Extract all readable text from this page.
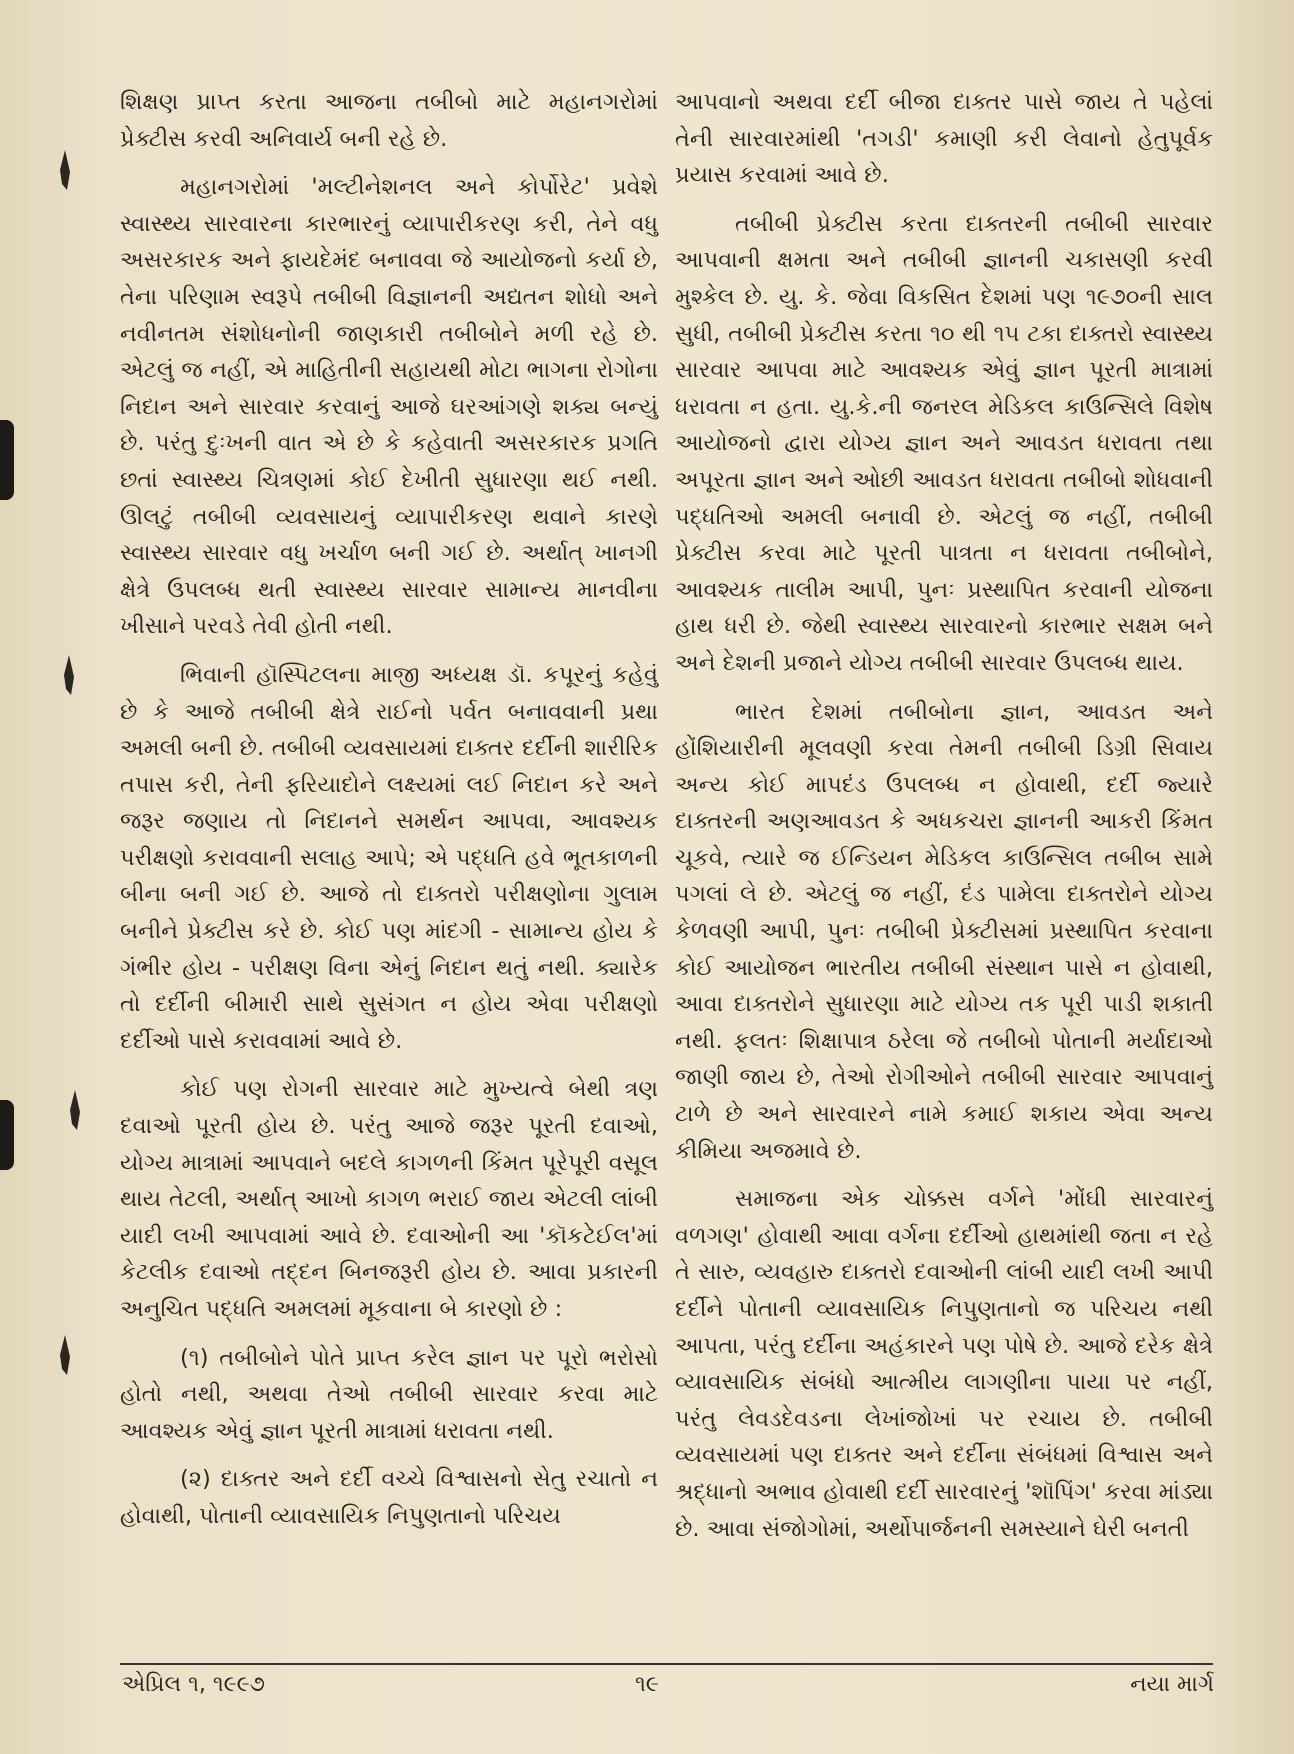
શિક્ષણ પ્રાપ્ત કરતા આજના તબીબો માટે મહાનગરોમાં પ્રેક્ટીસ કરવી અનિવાર્ય બની રહે છે.

મહાનગરોમાં 'મલ્ટીનેશનલ અને કોર્પોરેટ' પ્રવેશે સ્વાસ્થ્ય સારવારના કારભારનું વ્યાપારીકરણ કરી, તેને વધુ અસરકારક અને ફાયદેમંદ બનાવવા જે આયોજનો કર્યા છે, તેના પરિણામ સ્વરૂપે તબીબી વિજ્ઞાનની અદ્યતન શોધો અને નવીનતમ સંશોધનોની જાણકારી તબીબોને મળી રહે છે. એટલું જ નહીં, એ માહિતીની સહાયથી મોટા ભાગના રોગોના નિદાન અને સારવાર કરવાનું આજે ઘરઆંગણે શક્ય બન્યું છે. પરંતુ દુઃખની વાત એ છે કે કહેવાતી અસરકારક પ્રગતિ છતાં સ્વાસ્થ્ય ચિત્રણમાં કોઈ દેખીતી સુધારણા થઈ નથી. ઊલટું તબીબી વ્યવસાયનું વ્યાપારીકરણ થવાને કારણે સ્વાસ્થ્ય સારવાર વધુ ખર્ચાળ બની ગઈ છે. અર્થાત્ ખાનગી ક્ષેત્રે ઉપલબ્ધ થતી સ્વાસ્થ્ય સારવાર સામાન્ય માનવીના ખીસાને પરવડે તેવી હોતી નથી.

ભિવાની હૉસ્પિટલના માજી અધ્યક્ષ ડૉ. કપૂરનું કહેવું છે કે આજે તબીબી ક્ષેત્રે રાઈનો પર્વત બનાવવાની પ્રથા અમલી બની છે. તબીબી વ્યવસાયમાં દાક્તર દર્દીની શારીરિક તપાસ કરી, તેની ફરિયાદોને લક્ષ્યમાં લઈ નિદાન કરે અને જરૂર જણાય તો નિદાનને સમર્થન આપવા, આવશ્યક પરીક્ષણો કરાવવાની સલાહ આપે; એ પદ્ધતિ હવે ભૂતકાળની બીના બની ગઈ છે. આજે તો દાક્તરો પરીક્ષણોના ગુલામ બનીને પ્રેક્ટીસ કરે છે. કોઈ પણ માંદગી - સામાન્ય હોય કે ગંભીર હોય - પરીક્ષણ વિના એનું નિદાન થતું નથી. ક્યારેક તો દર્દીની બીમારી સાથે સુસંગત ન હોય એવા પરીક્ષણો દર્દીઓ પાસે કરાવવામાં આવે છે.

કોઈ પણ રોગની સારવાર માટે મુખ્યત્વે બેથી ત્રણ દવાઓ પૂરતી હોય છે. પરંતુ આજે જરૂર પૂરતી દવાઓ, યોગ્ય માત્રામાં આપવાને બદલે કાગળની કિંમત પૂરેપૂરી વસૂલ થાય તેટલી, અર્થાત્ આખો કાગળ ભરાઈ જાય એટલી લાંબી યાદી લખી આપવામાં આવે છે. દવાઓની આ 'કૉકટેઈલ'માં કેટલીક દવાઓ તદ્દન બિનજરૂરી હોય છે. આવા પ્રકારની અનુચિત પદ્ધતિ અમલમાં મૂકવાના બે કારણો છે :

(૧) તબીબોને પોતે પ્રાપ્ત કરેલ જ્ઞાન પર પૂરો ભરોસો હોતો નથી, અથવા તેઓ તબીબી સારવાર કરવા માટે આવશ્યક એવું જ્ઞાન પૂરતી માત્રામાં ધરાવતા નથી.

(૨) દાક્તર અને દર્દી વચ્ચે વિશ્વાસનો સેતુ રચાતો ન હોવાથી, પોતાની વ્યાવસાયિક નિપુણતાનો પરિચય

આપવાનો અથવા દર્દી બીજા દાક્તર પાસે જાય તે પહેલાં તેની સારવારમાંથી 'તગડી' કમાણી કરી લેવાનો હેતુપૂર્વક પ્રયાસ કરવામાં આવે છે.

તબીબી પ્રેક્ટીસ કરતા દાક્તરની તબીબી સારવાર આપવાની ક્ષમતા અને તબીબી જ્ઞાનની ચકાસણી કરવી મુશ્કેલ છે. યુ. કે. જેવા વિકસિત દેશમાં પણ ૧૯૭૦ની સાલ સુધી, તબીબી પ્રેક્ટીસ કરતા ૧૦ થી ૧૫ ટકા દાક્તરો સ્વાસ્થ્ય સારવાર આપવા માટે આવશ્યક એવું જ્ઞાન પૂરતી માત્રામાં ધરાવતા ન હતા. યુ.કે.ની જનરલ મેડિકલ કાઉન્સિલે વિશેષ આયોજનો દ્વારા યોગ્ય જ્ઞાન અને આવડત ધરાવતા તથા અપૂરતા જ્ઞાન અને ઓછી આવડત ધરાવતા તબીબો શોધવાની પદ્ધતિઓ અમલી બનાવી છે. એટલું જ નહીં, તબીબી પ્રેક્ટીસ કરવા માટે પૂરતી પાત્રતા ન ધરાવતા તબીબોને, આવશ્યક તાલીમ આપી, પુનઃ પ્રસ્થાપિત કરવાની યોજના હાથ ધરી છે. જેથી સ્વાસ્થ્ય સારવારનો કારભાર સક્ષમ બને અને દેશની પ્રજાને યોગ્ય તબીબી સારવાર ઉપલબ્ધ થાય.

ભારત દેશમાં તબીબોના જ્ઞાન, આવડત અને હોંશિયારીની મૂલવણી કરવા તેમની તબીબી ડિગ્રી સિવાય અન્ય કોઈ માપદંડ ઉપલબ્ધ ન હોવાથી, દર્દી જ્યારે દાક્તરની અણઆવડત કે અધકચરા જ્ઞાનની આકરી કિંમત ચૂકવે, ત્યારે જ ઈન્ડિયન મેડિકલ કાઉન્સિલ તબીબ સામે પગલાં લે છે. એટલું જ નહીં, દંડ પામેલા દાક્તરોને યોગ્ય કેળવણી આપી, પુનઃ તબીબી પ્રેક્ટીસમાં પ્રસ્થાપિત કરવાના કોઈ આયોજન ભારતીય તબીબી સંસ્થાન પાસે ન હોવાથી, આવા દાક્તરોને સુધારણા માટે યોગ્ય તક પૂરી પાડી શકાતી નથી. ફલતઃ શિક્ષાપાત્ર ઠરેલા જે તબીબો પોતાની મર્યાદાઓ જાણી જાય છે, તેઓ રોગીઓને તબીબી સારવાર આપવાનું ટાળે છે અને સારવારને નામે કમાઈ શકાય એવા અન્ય કીમિયા અજમાવે છે.

સમાજના એક ચોક્કસ વર્ગને 'મોંઘી સારવારનું વળગણ' હોવાથી આવા વર્ગના દર્દીઓ હાથમાંથી જતા ન રહે તે સારુ, વ્યવહારુ દાક્તરો દવાઓની લાંબી યાદી લખી આપી દર્દીને પોતાની વ્યાવસાયિક નિપુણતાનો જ પરિચય નથી આપતા, પરંતુ દર્દીના અહંકારને પણ પોષે છે. આજે દરેક ક્ષેત્રે વ્યાવસાયિક સંબંધો આત્મીય લાગણીના પાયા પર નહીં, પરંતુ લેવડદેવડના લેખાંજોખાં પર રચાય છે. તબીબી વ્યવસાયમાં પણ દાક્તર અને દર્દીના સંબંધમાં વિશ્વાસ અને શ્રદ્ધાનો અભાવ હોવાથી દર્દી સારવારનું 'શૉપિંગ' કરવા માંડ્યા છે. આવા સંજોગોમાં, અર્થોપાર્જનની સમસ્યાને ઘેરી બનતી

એપ્રિલ ૧, ૧૯૯૭	૧૯	નયા માર્ગ
